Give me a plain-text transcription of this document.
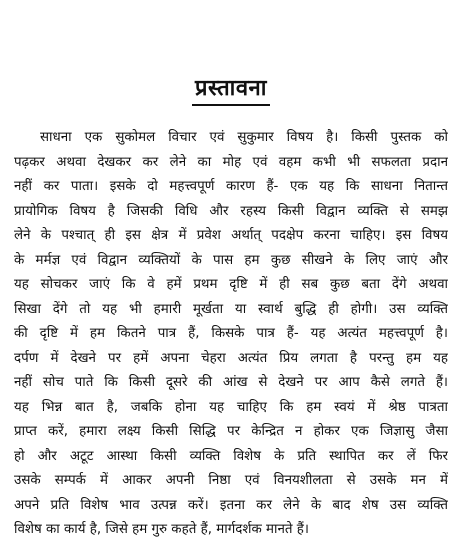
प्रस्तावना
साधना एक सुकोमल विचार एवं सुकुमार विषय है। किसी पुस्तक को
पढ़कर अथवा देखकर कर लेने का मोह एवं वहम कभी भी सफलता प्रदान
नहीं कर पाता। इसके दो महत्त्वपूर्ण कारण हैं- एक यह कि साधना नितान्त
प्रायोगिक विषय है जिसकी विधि और रहस्य किसी विद्वान व्यक्ति से समझ
लेने के पश्चात् ही इस क्षेत्र में प्रवेश अर्थात् पदक्षेप करना चाहिए। इस विषय
के मर्मज्ञ एवं विद्वान व्यक्तियों के पास हम कुछ सीखने के लिए जाएं और
यह सोचकर जाएं कि वे हमें प्रथम दृष्टि में ही सब कुछ बता देंगे अथवा
सिखा देंगे तो यह भी हमारी मूर्खता या स्वार्थ बुद्धि ही होगी। उस व्यक्ति
की दृष्टि में हम कितने पात्र हैं, किसके पात्र हैं- यह अत्यंत महत्त्वपूर्ण है।
दर्पण में देखने पर हमें अपना चेहरा अत्यंत प्रिय लगता है परन्तु हम यह
नहीं सोच पाते कि किसी दूसरे की आंख से देखने पर आप कैसे लगते हैं।
यह भिन्न बात है, जबकि होना यह चाहिए कि हम स्वयं में श्रेष्ठ पात्रता
प्राप्त करें, हमारा लक्ष्य किसी सिद्धि पर केन्द्रित न होकर एक जिज्ञासु जैसा
हो और अटूट आस्था किसी व्यक्ति विशेष के प्रति स्थापित कर लें फिर
उसके सम्पर्क में आकर अपनी निष्ठा एवं विनयशीलता से उसके मन में
अपने प्रति विशेष भाव उत्पन्न करें। इतना कर लेने के बाद शेष उस व्यक्ति
विशेष का कार्य है, जिसे हम गुरु कहते हैं, मार्गदर्शक मानते हैं।
